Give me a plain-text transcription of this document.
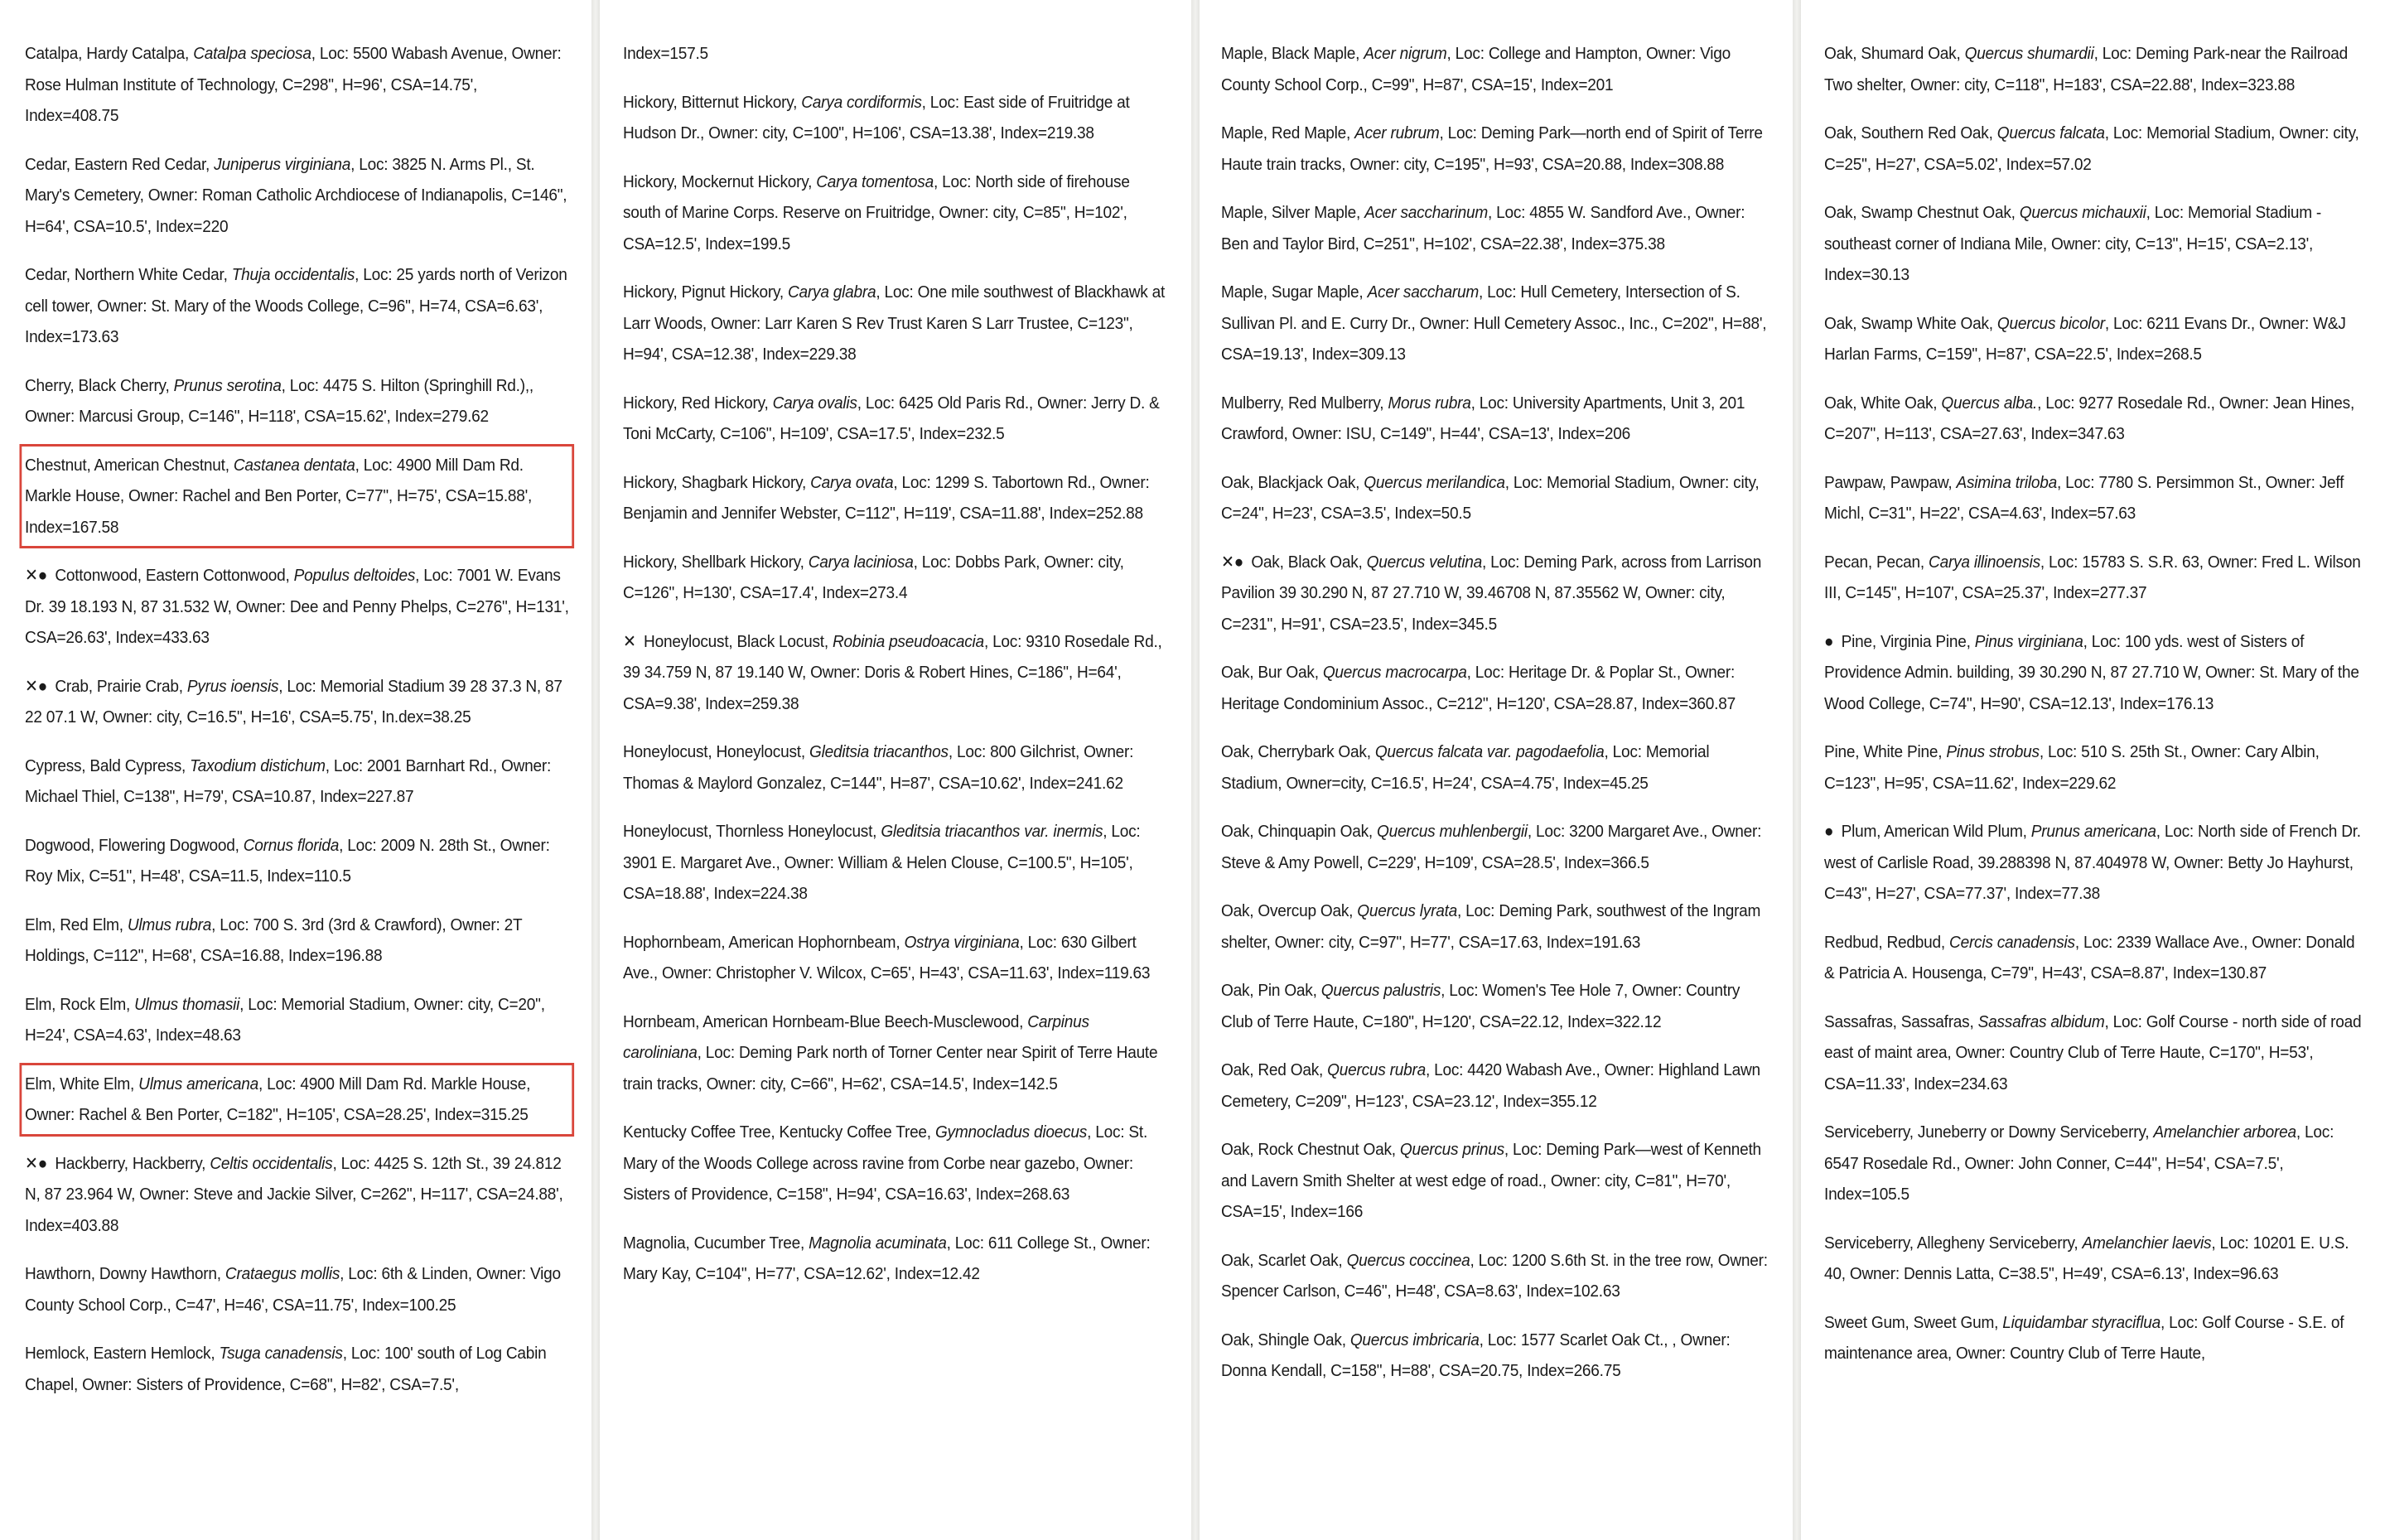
Catalpa, Hardy Catalpa, Catalpa speciosa, Loc: 5500 Wabash Avenue, Owner: Rose Hulman Institute of Technology, C=298", H=96', CSA=14.75', Index=408.75
Cedar, Eastern Red Cedar, Juniperus virginiana, Loc: 3825 N. Arms Pl., St. Mary's Cemetery, Owner: Roman Catholic Archdiocese of Indianapolis, C=146", H=64', CSA=10.5', Index=220
Cedar, Northern White Cedar, Thuja occidentalis, Loc: 25 yards north of Verizon cell tower, Owner: St. Mary of the Woods College, C=96", H=74, CSA=6.63', Index=173.63
Cherry, Black Cherry, Prunus serotina, Loc: 4475 S. Hilton (Springhill Rd.),, Owner: Marcusi Group, C=146", H=118', CSA=15.62', Index=279.62
Chestnut, American Chestnut, Castanea dentata, Loc: 4900 Mill Dam Rd. Markle House, Owner: Rachel and Ben Porter, C=77", H=75', CSA=15.88', Index=167.58
✕● Cottonwood, Eastern Cottonwood, Populus deltoides, Loc: 7001 W. Evans Dr. 39 18.193 N, 87 31.532 W, Owner: Dee and Penny Phelps, C=276", H=131', CSA=26.63', Index=433.63
✕● Crab, Prairie Crab, Pyrus ioensis, Loc: Memorial Stadium 39 28 37.3 N, 87 22 07.1 W, Owner: city, C=16.5", H=16', CSA=5.75', In.dex=38.25
Cypress, Bald Cypress, Taxodium distichum, Loc: 2001 Barnhart Rd., Owner: Michael Thiel, C=138", H=79', CSA=10.87, Index=227.87
Dogwood, Flowering Dogwood, Cornus florida, Loc: 2009 N. 28th St., Owner: Roy Mix, C=51", H=48', CSA=11.5, Index=110.5
Elm, Red Elm, Ulmus rubra, Loc: 700 S. 3rd (3rd & Crawford), Owner: 2T Holdings, C=112", H=68', CSA=16.88, Index=196.88
Elm, Rock Elm, Ulmus thomasii, Loc: Memorial Stadium, Owner: city, C=20", H=24', CSA=4.63', Index=48.63
Elm, White Elm, Ulmus americana, Loc: 4900 Mill Dam Rd. Markle House, Owner: Rachel & Ben Porter, C=182", H=105', CSA=28.25', Index=315.25
✕● Hackberry, Hackberry, Celtis occidentalis, Loc: 4425 S. 12th St., 39 24.812 N, 87 23.964 W, Owner: Steve and Jackie Silver, C=262", H=117', CSA=24.88', Index=403.88
Hawthorn, Downy Hawthorn, Crataegus mollis, Loc: 6th & Linden, Owner: Vigo County School Corp., C=47', H=46', CSA=11.75', Index=100.25
Hemlock, Eastern Hemlock, Tsuga canadensis, Loc: 100' south of Log Cabin Chapel, Owner: Sisters of Providence, C=68", H=82', CSA=7.5',
Index=157.5
Hickory, Bitternut Hickory, Carya cordiformis, Loc: East side of Fruitridge at Hudson Dr., Owner: city, C=100", H=106', CSA=13.38', Index=219.38
Hickory, Mockernut Hickory, Carya tomentosa, Loc: North side of firehouse south of Marine Corps. Reserve on Fruitridge, Owner: city, C=85", H=102', CSA=12.5', Index=199.5
Hickory, Pignut Hickory, Carya glabra, Loc: One mile southwest of Blackhawk at Larr Woods, Owner: Larr Karen S Rev Trust Karen S Larr Trustee, C=123", H=94', CSA=12.38', Index=229.38
Hickory, Red Hickory, Carya ovalis, Loc: 6425 Old Paris Rd., Owner: Jerry D. & Toni McCarty, C=106", H=109', CSA=17.5', Index=232.5
Hickory, Shagbark Hickory, Carya ovata, Loc: 1299 S. Tabortown Rd., Owner: Benjamin and Jennifer Webster, C=112", H=119', CSA=11.88', Index=252.88
Hickory, Shellbark Hickory, Carya laciniosa, Loc: Dobbs Park, Owner: city, C=126", H=130', CSA=17.4', Index=273.4
✕ Honeylocust, Black Locust, Robinia pseudoacacia, Loc: 9310 Rosedale Rd., 39 34.759 N, 87 19.140 W, Owner: Doris & Robert Hines, C=186", H=64', CSA=9.38', Index=259.38
Honeylocust, Honeylocust, Gleditsia triacanthos, Loc: 800 Gilchrist, Owner: Thomas & Maylord Gonzalez, C=144", H=87', CSA=10.62', Index=241.62
Honeylocust, Thornless Honeylocust, Gleditsia triacanthos var. inermis, Loc: 3901 E. Margaret Ave., Owner: William & Helen Clouse, C=100.5", H=105', CSA=18.88', Index=224.38
Hophornbeam, American Hophornbeam, Ostrya virginiana, Loc: 630 Gilbert Ave., Owner: Christopher V. Wilcox, C=65', H=43', CSA=11.63', Index=119.63
Hornbeam, American Hornbeam-Blue Beech-Musclewood, Carpinus caroliniana, Loc: Deming Park north of Torner Center near Spirit of Terre Haute train tracks, Owner: city, C=66", H=62', CSA=14.5', Index=142.5
Kentucky Coffee Tree, Kentucky Coffee Tree, Gymnocladus dioecus, Loc: St. Mary of the Woods College across ravine from Corbe near gazebo, Owner: Sisters of Providence, C=158", H=94', CSA=16.63', Index=268.63
Magnolia, Cucumber Tree, Magnolia acuminata, Loc: 611 College St., Owner: Mary Kay, C=104", H=77', CSA=12.62', Index=12.42
Maple, Black Maple, Acer nigrum, Loc: College and Hampton, Owner: Vigo County School Corp., C=99", H=87', CSA=15', Index=201
Maple, Red Maple, Acer rubrum, Loc: Deming Park—north end of Spirit of Terre Haute train tracks, Owner: city, C=195", H=93', CSA=20.88, Index=308.88
Maple, Silver Maple, Acer saccharinum, Loc: 4855 W. Sandford Ave., Owner: Ben and Taylor Bird, C=251", H=102', CSA=22.38', Index=375.38
Maple, Sugar Maple, Acer saccharum, Loc: Hull Cemetery, Intersection of S. Sullivan Pl. and E. Curry Dr., Owner: Hull Cemetery Assoc., Inc., C=202", H=88', CSA=19.13', Index=309.13
Mulberry, Red Mulberry, Morus rubra, Loc: University Apartments, Unit 3, 201 Crawford, Owner: ISU, C=149", H=44', CSA=13', Index=206
Oak, Blackjack Oak, Quercus merilandica, Loc: Memorial Stadium, Owner: city, C=24", H=23', CSA=3.5', Index=50.5
✕● Oak, Black Oak, Quercus velutina, Loc: Deming Park, across from Larrison Pavilion 39 30.290 N, 87 27.710 W, 39.46708 N, 87.35562 W, Owner: city, C=231", H=91', CSA=23.5', Index=345.5
Oak, Bur Oak, Quercus macrocarpa, Loc: Heritage Dr. & Poplar St., Owner: Heritage Condominium Assoc., C=212", H=120', CSA=28.87, Index=360.87
Oak, Cherrybark Oak, Quercus falcata var. pagodaefolia, Loc: Memorial Stadium, Owner=city, C=16.5', H=24', CSA=4.75', Index=45.25
Oak, Chinquapin Oak, Quercus muhlenbergii, Loc: 3200 Margaret Ave., Owner: Steve & Amy Powell, C=229', H=109', CSA=28.5', Index=366.5
Oak, Overcup Oak, Quercus lyrata, Loc: Deming Park, southwest of the Ingram shelter, Owner: city, C=97", H=77', CSA=17.63, Index=191.63
Oak, Pin Oak, Quercus palustris, Loc: Women's Tee Hole 7, Owner: Country Club of Terre Haute, C=180", H=120', CSA=22.12, Index=322.12
Oak, Red Oak, Quercus rubra, Loc: 4420 Wabash Ave., Owner: Highland Lawn Cemetery, C=209", H=123', CSA=23.12', Index=355.12
Oak, Rock Chestnut Oak, Quercus prinus, Loc: Deming Park—west of Kenneth and Lavern Smith Shelter at west edge of road., Owner: city, C=81", H=70', CSA=15', Index=166
Oak, Scarlet Oak, Quercus coccinea, Loc: 1200 S.6th St. in the tree row, Owner: Spencer Carlson, C=46", H=48', CSA=8.63', Index=102.63
Oak, Shingle Oak, Quercus imbricaria, Loc: 1577 Scarlet Oak Ct., , Owner: Donna Kendall, C=158", H=88', CSA=20.75, Index=266.75
Oak, Shumard Oak, Quercus shumardii, Loc: Deming Park-near the Railroad Two shelter, Owner: city, C=118", H=183', CSA=22.88', Index=323.88
Oak, Southern Red Oak, Quercus falcata, Loc: Memorial Stadium, Owner: city, C=25", H=27', CSA=5.02', Index=57.02
Oak, Swamp Chestnut Oak, Quercus michauxii, Loc: Memorial Stadium -southeast corner of Indiana Mile, Owner: city, C=13", H=15', CSA=2.13', Index=30.13
Oak, Swamp White Oak, Quercus bicolor, Loc: 6211 Evans Dr., Owner: W&J Harlan Farms, C=159", H=87', CSA=22.5', Index=268.5
Oak, White Oak, Quercus alba., Loc: 9277 Rosedale Rd., Owner: Jean Hines, C=207", H=113', CSA=27.63', Index=347.63
Pawpaw, Pawpaw, Asimina triloba, Loc: 7780 S. Persimmon St., Owner: Jeff Michl, C=31", H=22', CSA=4.63', Index=57.63
Pecan, Pecan, Carya illinoensis, Loc: 15783 S. S.R. 63, Owner: Fred L. Wilson III, C=145", H=107', CSA=25.37', Index=277.37
● Pine, Virginia Pine, Pinus virginiana, Loc: 100 yds. west of Sisters of Providence Admin. building, 39 30.290 N, 87 27.710 W, Owner: St. Mary of the Wood College, C=74", H=90', CSA=12.13', Index=176.13
Pine, White Pine, Pinus strobus, Loc: 510 S. 25th St., Owner: Cary Albin, C=123", H=95', CSA=11.62', Index=229.62
● Plum, American Wild Plum, Prunus americana, Loc: North side of French Dr. west of Carlisle Road, 39.288398 N, 87.404978 W, Owner: Betty Jo Hayhurst, C=43", H=27', CSA=77.37', Index=77.38
Redbud, Redbud, Cercis canadensis, Loc: 2339 Wallace Ave., Owner: Donald & Patricia A. Housenga, C=79", H=43', CSA=8.87', Index=130.87
Sassafras, Sassafras, Sassafras albidum, Loc: Golf Course - north side of road east of maint area, Owner: Country Club of Terre Haute, C=170", H=53', CSA=11.33', Index=234.63
Serviceberry, Juneberry or Downy Serviceberry, Amelanchier arborea, Loc: 6547 Rosedale Rd., Owner: John Conner, C=44", H=54', CSA=7.5', Index=105.5
Serviceberry, Allegheny Serviceberry, Amelanchier laevis, Loc: 10201 E. U.S. 40, Owner: Dennis Latta, C=38.5", H=49', CSA=6.13', Index=96.63
Sweet Gum, Sweet Gum, Liquidambar styraciflua, Loc: Golf Course - S.E. of maintenance area, Owner: Country Club of Terre Haute,
